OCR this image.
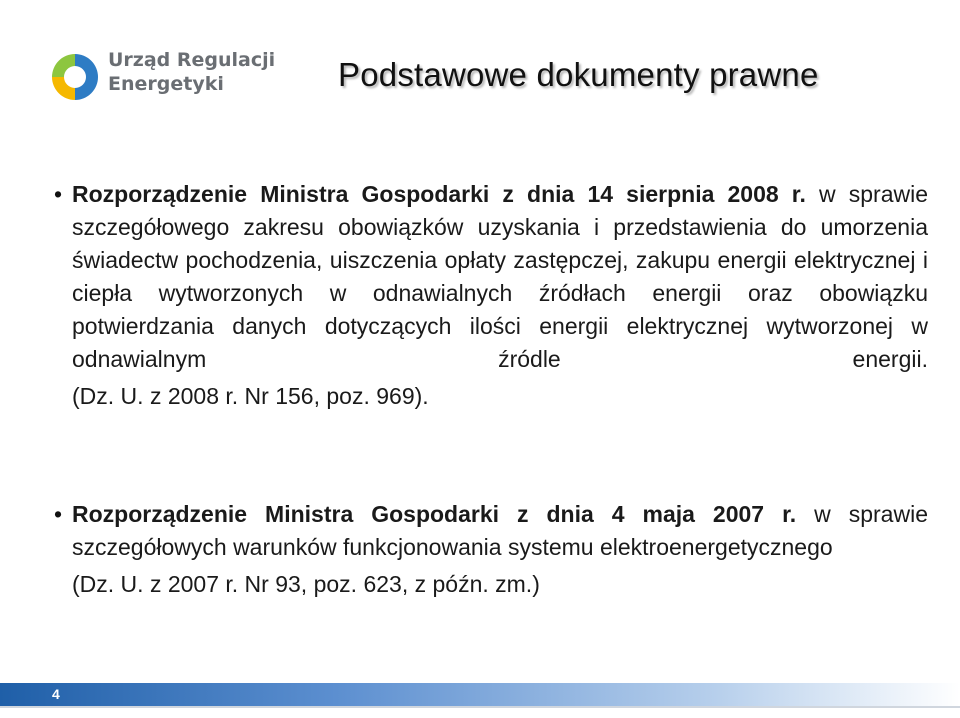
Urząd Regulacji
Energetyki	Podstawowe dokumenty prawne
• Rozporządzenie Ministra Gospodarki z dnia 14 sierpnia 2008 r. w sprawie szczegółowego zakresu obowiązków uzyskania i przedstawienia do umorzenia świadectw pochodzenia, uiszczenia opłaty zastępczej, zakupu energii elektrycznej i ciepła wytworzonych w odnawialnych źródłach energii oraz obowiązku potwierdzania danych dotyczących ilości energii elektrycznej wytworzonej w odnawialnym źródle energii.

(Dz. U. z 2008 r. Nr 156, poz. 969).

• Rozporządzenie Ministra Gospodarki z dnia 4 maja 2007 r. w sprawie szczegółowych warunków funkcjonowania systemu elektroenergetycznego

(Dz. U. z 2007 r. Nr 93, poz. 623, z późn. zm.)

4
